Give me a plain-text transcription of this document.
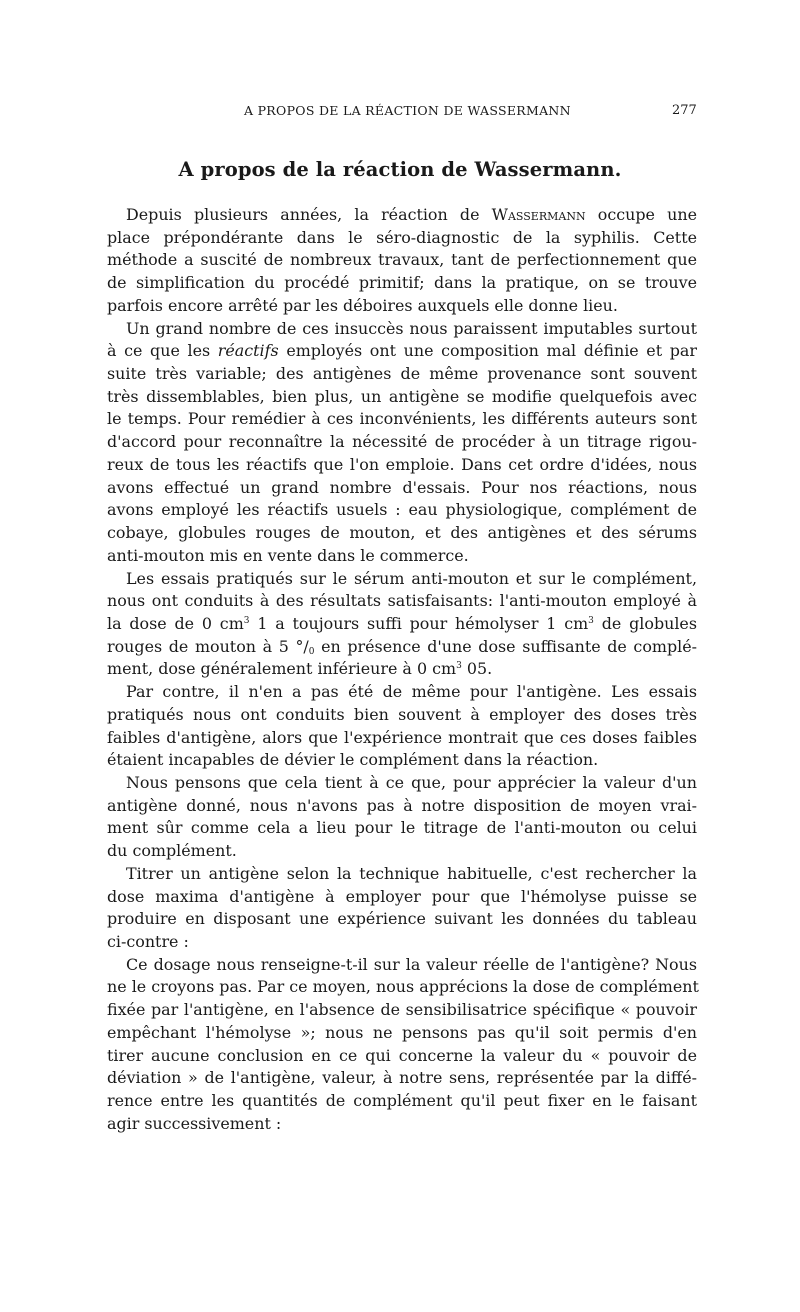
A PROPOS DE LA RÉACTION DE WASSERMANN	277
A propos de la réaction de Wassermann.
Depuis plusieurs années, la réaction de Wassermann occupe une
place prépondérante dans le séro-diagnostic de la syphilis. Cette
méthode a suscité de nombreux travaux, tant de perfectionnement que
de simplification du procédé primitif; dans la pratique, on se trouve
parfois encore arrêté par les déboires auxquels elle donne lieu.
Un grand nombre de ces insuccès nous paraissent imputables surtout
à ce que les réactifs employés ont une composition mal définie et par
suite très variable; des antigènes de même provenance sont souvent
très dissemblables, bien plus, un antigène se modifie quelquefois avec
le temps. Pour remédier à ces inconvénients, les différents auteurs sont
d'accord pour reconnaître la nécessité de procéder à un titrage rigou-
reux de tous les réactifs que l'on emploie. Dans cet ordre d'idées, nous
avons effectué un grand nombre d'essais. Pour nos réactions, nous
avons employé les réactifs usuels : eau physiologique, complément de
cobaye, globules rouges de mouton, et des antigènes et des sérums
anti-mouton mis en vente dans le commerce.
Les essais pratiqués sur le sérum anti-mouton et sur le complément,
nous ont conduits à des résultats satisfaisants: l'anti-mouton employé à
la dose de 0 $cm^3$ 1 a toujours suffi pour hémolyser 1 $cm^3$ de globules
rouges de mouton à 5 $^\circ/_0$ en présence d'une dose suffisante de complé-
ment, dose généralement inférieure à 0 $cm^3$ 05.
Par contre, il n'en a pas été de même pour l'antigène. Les essais
pratiqués nous ont conduits bien souvent à employer des doses très
faibles d'antigène, alors que l'expérience montrait que ces doses faibles
étaient incapables de dévier le complément dans la réaction.
Nous pensons que cela tient à ce que, pour apprécier la valeur d'un
antigène donné, nous n'avons pas à notre disposition de moyen vrai-
ment sûr comme cela a lieu pour le titrage de l'anti-mouton ou celui
du complément.
Titrer un antigène selon la technique habituelle, c'est rechercher la
dose maxima d'antigène à employer pour que l'hémolyse puisse se
produire en disposant une expérience suivant les données du tableau
ci-contre :
Ce dosage nous renseigne-t-il sur la valeur réelle de l'antigène? Nous
ne le croyons pas. Par ce moyen, nous apprécions la dose de complément
fixée par l'antigène, en l'absence de sensibilisatrice spécifique « pouvoir
empêchant l'hémolyse »; nous ne pensons pas qu'il soit permis d'en
tirer aucune conclusion en ce qui concerne la valeur du « pouvoir de
déviation » de l'antigène, valeur, à notre sens, représentée par la diffé-
rence entre les quantités de complément qu'il peut fixer en le faisant
agir successivement :
